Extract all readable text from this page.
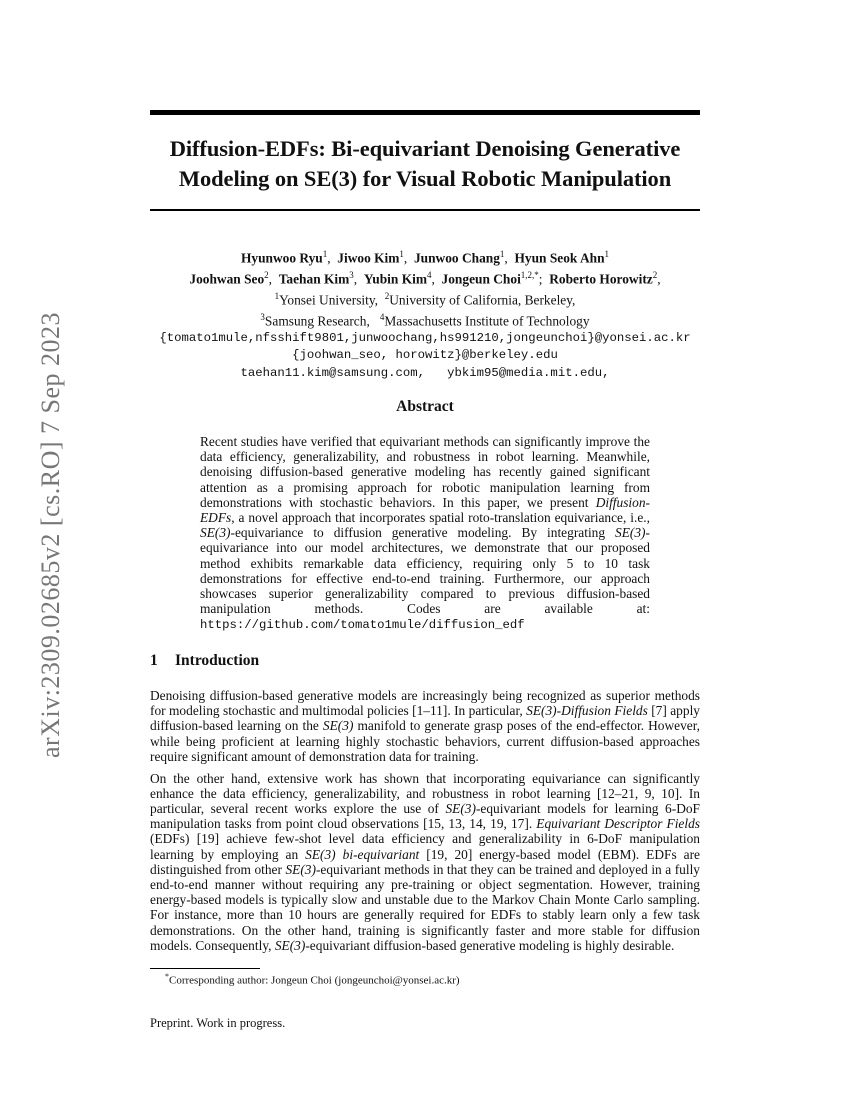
Diffusion-EDFs: Bi-equivariant Denoising Generative
Modeling on SE(3) for Visual Robotic Manipulation
arXiv:2309.02685v2 [cs.RO] 7 Sep 2023
Hyunwoo Ryu$^1$,  Jiwoo Kim$^1$,  Junwoo Chang$^1$,  Hyun Seok Ahn$^1$
Joohwan Seo$^2$,  Taehan Kim$^3$,  Yubin Kim$^4$,  Jongeun Choi$^{1,2,*}$;  Roberto Horowitz$^2$,
$^1$Yonsei University, $^2$University of California, Berkeley,
$^3$Samsung Research, $^4$Massachusetts Institute of Technology
{tomato1mule,nfsshift9801,junwoochang,hs991210,jongeunchoi}@yonsei.ac.kr
{joohwan_seo, horowitz}@berkeley.edu
taehan11.kim@samsung.com, ybkim95@media.mit.edu,
Abstract

Recent studies have verified that equivariant methods can significantly improve the data efficiency, generalizability, and robustness in robot learning. Meanwhile, denoising diffusion-based generative modeling has recently gained significant attention as a promising approach for robotic manipulation learning from demonstrations with stochastic behaviors. In this paper, we present Diffusion-EDFs, a novel approach that incorporates spatial roto-translation equivariance, i.e., SE(3)-equivariance to diffusion generative modeling. By integrating SE(3)-equivariance into our model architectures, we demonstrate that our proposed method exhibits remarkable data efficiency, requiring only 5 to 10 task demonstrations for effective end-to-end training. Furthermore, our approach showcases superior generalizability compared to previous diffusion-based manipulation methods. Codes are available at: https://github.com/tomato1mule/diffusion_edf

1 Introduction

Denoising diffusion-based generative models are increasingly being recognized as superior methods for modeling stochastic and multimodal policies [1–11]. In particular, SE(3)-Diffusion Fields [7] apply diffusion-based learning on the SE(3) manifold to generate grasp poses of the end-effector. However, while being proficient at learning highly stochastic behaviors, current diffusion-based approaches require significant amount of demonstration data for training.

On the other hand, extensive work has shown that incorporating equivariance can significantly enhance the data efficiency, generalizability, and robustness in robot learning [12–21, 9, 10]. In particular, several recent works explore the use of SE(3)-equivariant models for learning 6-DoF manipulation tasks from point cloud observations [15, 13, 14, 19, 17]. Equivariant Descriptor Fields (EDFs) [19] achieve few-shot level data efficiency and generalizability in 6-DoF manipulation learning by employing an SE(3) bi-equivariant [19, 20] energy-based model (EBM). EDFs are distinguished from other SE(3)-equivariant methods in that they can be trained and deployed in a fully end-to-end manner without requiring any pre-training or object segmentation. However, training energy-based models is typically slow and unstable due to the Markov Chain Monte Carlo sampling. For instance, more than 10 hours are generally required for EDFs to stably learn only a few task demonstrations. On the other hand, training is significantly faster and more stable for diffusion models. Consequently, SE(3)-equivariant diffusion-based generative modeling is highly desirable.

*Corresponding author: Jongeun Choi (jongeunchoi@yonsei.ac.kr)
Preprint. Work in progress.
